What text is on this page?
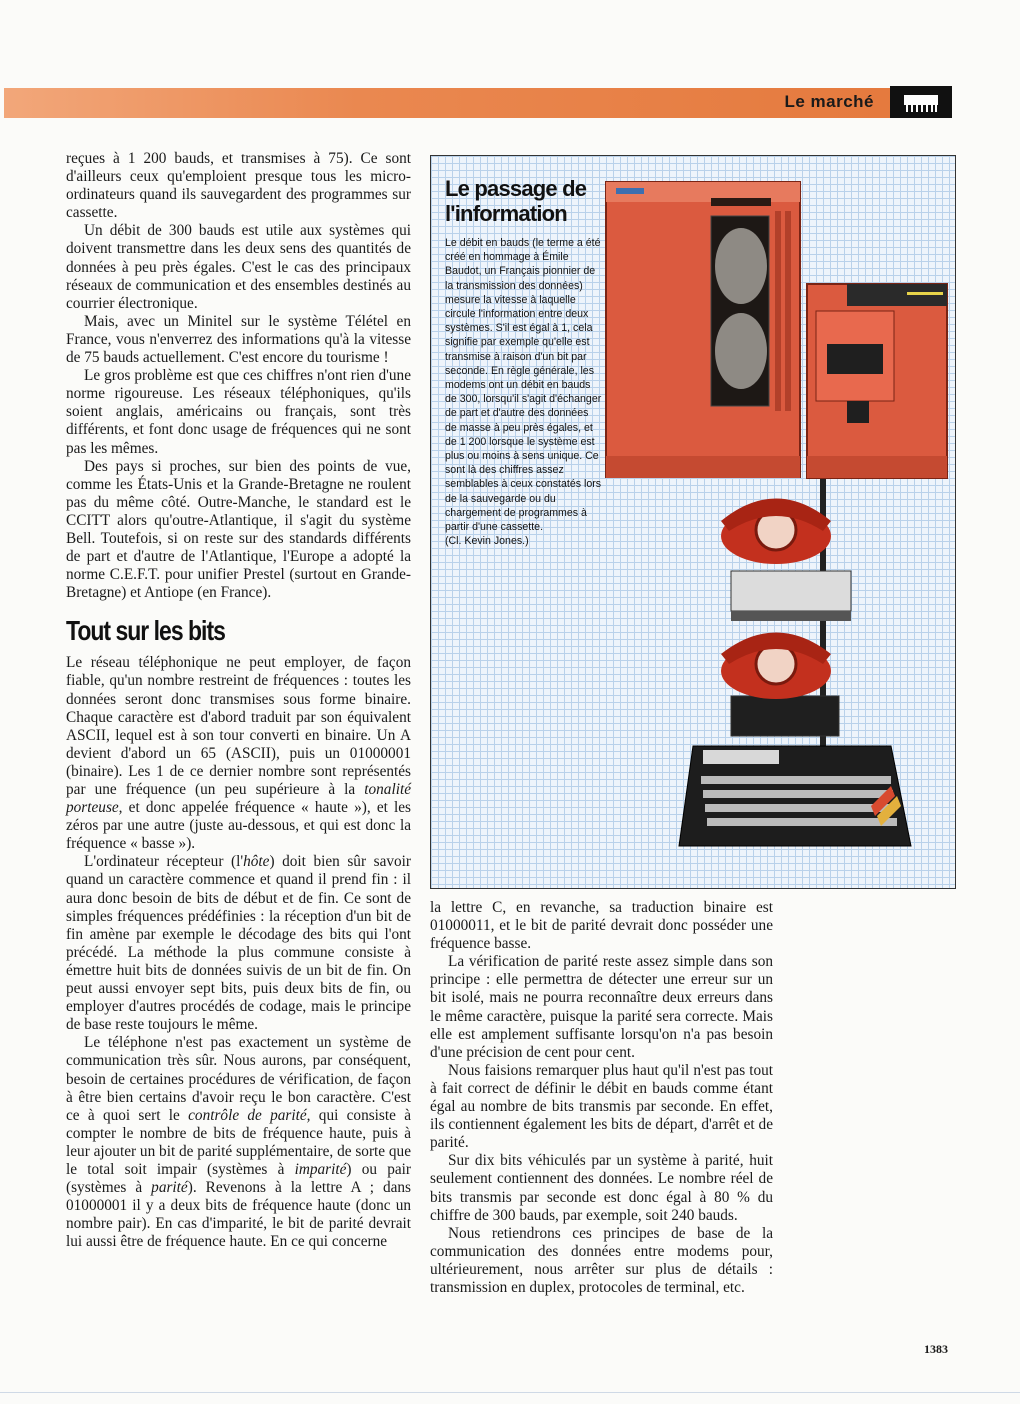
Le marché

reçues à 1 200 bauds, et transmises à 75). Ce sont d'ailleurs ceux qu'emploient presque tous les micro-ordinateurs quand ils sauvegardent des programmes sur cassette.

Un débit de 300 bauds est utile aux systèmes qui doivent transmettre dans les deux sens des quantités de données à peu près égales. C'est le cas des principaux réseaux de communication et des ensembles destinés au courrier électronique.

Mais, avec un Minitel sur le système Télétel en France, vous n'enverrez des informations qu'à la vitesse de 75 bauds actuellement. C'est encore du tourisme !

Le gros problème est que ces chiffres n'ont rien d'une norme rigoureuse. Les réseaux téléphoniques, qu'ils soient anglais, américains ou français, sont très différents, et font donc usage de fréquences qui ne sont pas les mêmes.

Des pays si proches, sur bien des points de vue, comme les États-Unis et la Grande-Bretagne ne roulent pas du même côté. Outre-Manche, le standard est le CCITT alors qu'outre-Atlantique, il s'agit du système Bell. Toutefois, si on reste sur des standards différents de part et d'autre de l'Atlantique, l'Europe a adopté la norme C.E.F.T. pour unifier Prestel (surtout en Grande-Bretagne) et Antiope (en France).

Tout sur les bits

Le réseau téléphonique ne peut employer, de façon fiable, qu'un nombre restreint de fréquences : toutes les données seront donc transmises sous forme binaire. Chaque caractère est d'abord traduit par son équivalent ASCII, lequel est à son tour converti en binaire. Un A devient d'abord un 65 (ASCII), puis un 01000001 (binaire). Les 1 de ce dernier nombre sont représentés par une fréquence (un peu supérieure à la tonalité porteuse, et donc appelée fréquence « haute »), et les zéros par une autre (juste au-dessous, et qui est donc la fréquence « basse »).

L'ordinateur récepteur (l'hôte) doit bien sûr savoir quand un caractère commence et quand il prend fin : il aura donc besoin de bits de début et de fin. Ce sont de simples fréquences prédéfinies : la réception d'un bit de fin amène par exemple le décodage des bits qui l'ont précédé. La méthode la plus commune consiste à émettre huit bits de données suivis de un bit de fin. On peut aussi envoyer sept bits, puis deux bits de fin, ou employer d'autres procédés de codage, mais le principe de base reste toujours le même.

Le téléphone n'est pas exactement un système de communication très sûr. Nous aurons, par conséquent, besoin de certaines procédures de vérification, de façon à être bien certains d'avoir reçu le bon caractère. C'est ce à quoi sert le contrôle de parité, qui consiste à compter le nombre de bits de fréquence haute, puis à leur ajouter un bit de parité supplémentaire, de sorte que le total soit impair (systèmes à imparité) ou pair (systèmes à parité). Revenons à la lettre A ; dans 01000001 il y a deux bits de fréquence haute (donc un nombre pair). En cas d'imparité, le bit de parité devrait lui aussi être de fréquence haute. En ce qui concerne

Le passage de l'information
Le débit en bauds (le terme a été créé en hommage à Émile Baudot, un Français pionnier de la transmission des données) mesure la vitesse à laquelle circule l'information entre deux systèmes. S'il est égal à 1, cela signifie par exemple qu'elle est transmise à raison d'un bit par seconde. En règle générale, les modems ont un débit en bauds de 300, lorsqu'il s'agit d'échanger de part et d'autre des données de masse à peu près égales, et de 1 200 lorsque le système est plus ou moins à sens unique. Ce sont là des chiffres assez semblables à ceux constatés lors de la sauvegarde ou du chargement de programmes à partir d'une cassette.
(Cl. Kevin Jones.)

la lettre C, en revanche, sa traduction binaire est 01000011, et le bit de parité devrait donc posséder une fréquence basse.

La vérification de parité reste assez simple dans son principe : elle permettra de détecter une erreur sur un bit isolé, mais ne pourra reconnaître deux erreurs dans le même caractère, puisque la parité sera correcte. Mais elle est amplement suffisante lorsqu'on n'a pas besoin d'une précision de cent pour cent.

Nous faisions remarquer plus haut qu'il n'est pas tout à fait correct de définir le débit en bauds comme étant égal au nombre de bits transmis par seconde. En effet, ils contiennent également les bits de départ, d'arrêt et de parité.

Sur dix bits véhiculés par un système à parité, huit seulement contiennent des données. Le nombre réel de bits transmis par seconde est donc égal à 80 % du chiffre de 300 bauds, par exemple, soit 240 bauds.

Nous retiendrons ces principes de base de la communication des données entre modems pour, ultérieurement, nous arrêter sur plus de détails : transmission en duplex, protocoles de terminal, etc.

1383
